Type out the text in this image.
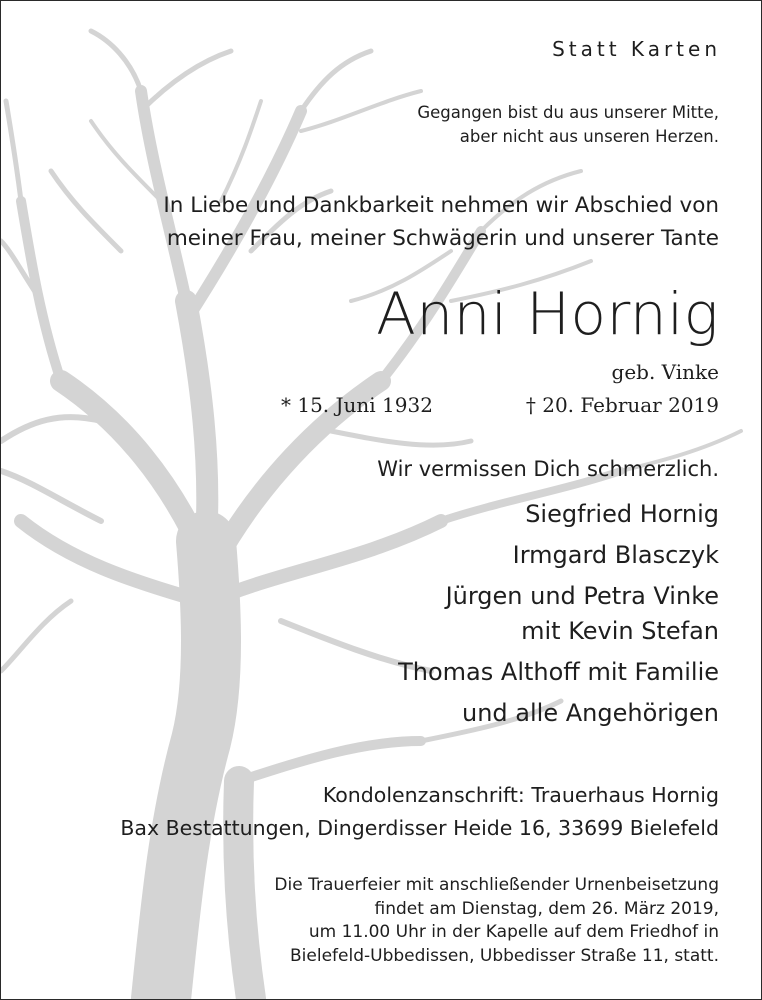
Statt Karten
Gegangen bist du aus unserer Mitte,
aber nicht aus unseren Herzen.
In Liebe und Dankbarkeit nehmen wir Abschied von
meiner Frau, meiner Schwägerin und unserer Tante
Anni Hornig
geb. Vinke
* 15. Juni 1932	† 20. Februar 2019
Wir vermissen Dich schmerzlich.
Siegfried Hornig
Irmgard Blasczyk
Jürgen und Petra Vinke
mit Kevin Stefan
Thomas Althoff mit Familie
und alle Angehörigen
Kondolenzanschrift: Trauerhaus Hornig
Bax Bestattungen, Dingerdisser Heide 16, 33699 Bielefeld
Die Trauerfeier mit anschließender Urnenbeisetzung
findet am Dienstag, dem 26. März 2019,
um 11.00 Uhr in der Kapelle auf dem Friedhof in
Bielefeld-Ubbedissen, Ubbedisser Straße 11, statt.
